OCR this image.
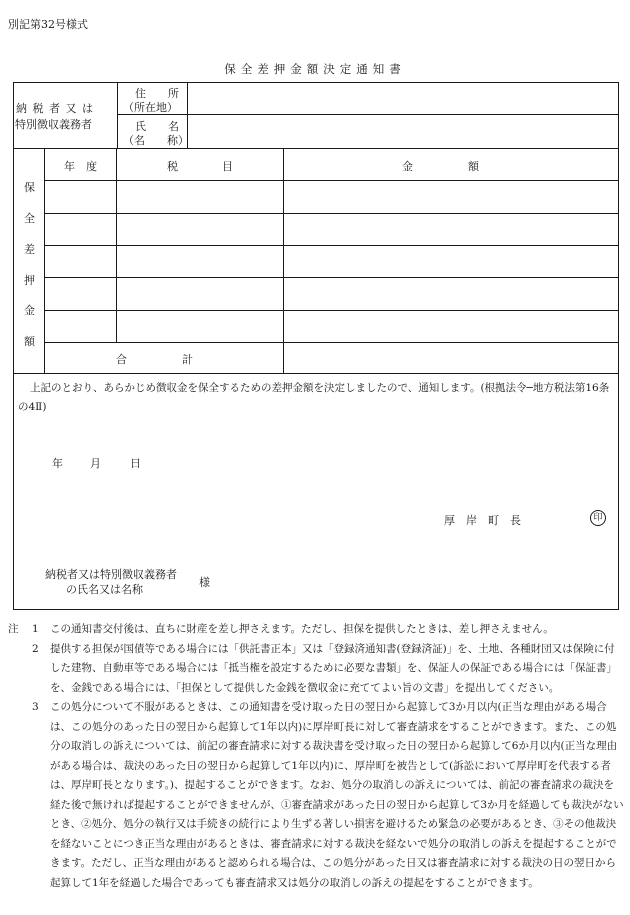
別記第32号様式
保全差押金額決定通知書
納 税 者 又 は
特別徴収義務者
住　　所
（所在地）
氏　　名
（名　　称）
保
全
差
押
金
額
年　度	税　　　　目	金　　　　　額
合　　　　　計
上記のとおり、あらかじめ徴収金を保全するための差押金額を決定しましたので、通知します。(根拠法令─地方税法第16条
の4Ⅱ)
年 月	日
厚　岸　町　長	印
納税者又は特別徴収義務者
の氏名又は名称
様
注 1 この通知書交付後は、直ちに財産を差し押さえます。ただし、担保を提供したときは、差し押さえません。
2 提供する担保が国債等である場合には「供託書正本」又は「登録済通知書(登録済証)」を、土地、各種財団又は保険に付した建物、自動車等である場合には「抵当権を設定するために必要な書類」を、保証人の保証である場合には「保証書」を、金銭である場合には、「担保として提供した金銭を徴収金に充ててよい旨の文書」を提出してください。
3 この処分について不服があるときは、この通知書を受け取った日の翌日から起算して3か月以内(正当な理由がある場合は、この処分のあった日の翌日から起算して1年以内)に厚岸町長に対して審査請求をすることができます。また、この処分の取消しの訴えについては、前記の審査請求に対する裁決書を受け取った日の翌日から起算して6か月以内(正当な理由がある場合は、裁決のあった日の翌日から起算して1年以内)に、厚岸町を被告として(訴訟において厚岸町を代表する者は、厚岸町長となります。)、提起することができます。なお、処分の取消しの訴えについては、前記の審査請求の裁決を経た後で無ければ提起することができませんが、①審査請求があった日の翌日から起算して3か月を経過しても裁決がないとき、②処分、処分の執行又は手続きの続行により生ずる著しい損害を避けるため緊急の必要があるとき、③その他裁決を経ないことにつき正当な理由があるときは、審査請求に対する裁決を経ないで処分の取消しの訴えを提起することができます。ただし、正当な理由があると認められる場合は、この処分があった日又は審査請求に対する裁決の日の翌日から起算して1年を経過した場合であっても審査請求又は処分の取消しの訴えの提起をすることができます。
